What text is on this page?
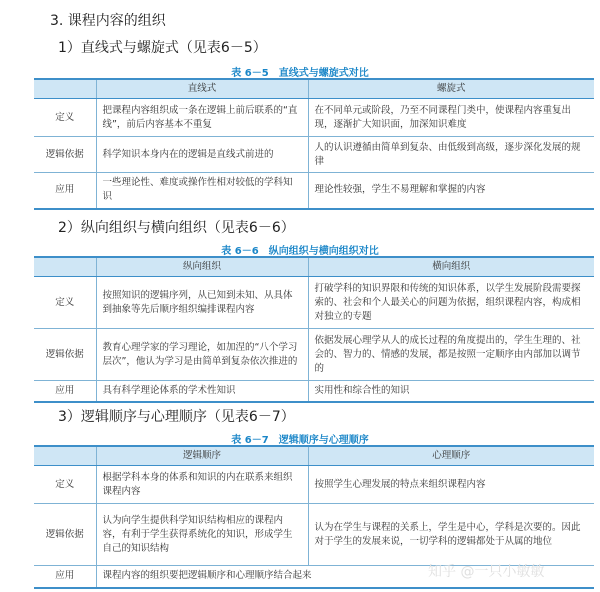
3. 课程内容的组织
1）直线式与螺旋式（见表6－5）
表 6－5　直线式与螺旋式对比
	直线式	螺旋式
定义	把课程内容组织成一条在逻辑上前后联系的“直线”，前后内容基本不重复	在不同单元或阶段，乃至不同课程门类中，使课程内容重复出现，逐渐扩大知识面，加深知识难度
逻辑依据	科学知识本身内在的逻辑是直线式前进的	人的认识遵循由简单到复杂、由低级到高级，逐步深化发展的规律
应用	一些理论性、难度或操作性相对较低的学科知识	理论性较强，学生不易理解和掌握的内容
2）纵向组织与横向组织（见表6－6）
表 6－6　纵向组织与横向组织对比
	纵向组织	横向组织
定义	按照知识的逻辑序列，从已知到未知、从具体到抽象等先后顺序组织编排课程内容	打破学科的知识界限和传统的知识体系，以学生发展阶段需要探索的、社会和个人最关心的问题为依据，组织课程内容，构成相对独立的专题
逻辑依据	教育心理学家的学习理论，如加涅的“八个学习层次”，他认为学习是由简单到复杂依次推进的	依据发展心理学从人的成长过程的角度提出的，学生生理的、社会的、智力的、情感的发展，都是按照一定顺序由内部加以调节的
应用	具有科学理论体系的学术性知识	实用性和综合性的知识
3）逻辑顺序与心理顺序（见表6－7）
表 6－7　逻辑顺序与心理顺序
	逻辑顺序	心理顺序
定义	根据学科本身的体系和知识的内在联系来组织课程内容	按照学生心理发展的特点来组织课程内容
逻辑依据	认为向学生提供科学知识结构相应的课程内容，有利于学生获得系统化的知识，形成学生自己的知识结构	认为在学生与课程的关系上，学生是中心，学科是次要的。因此对于学生的发展来说，一切学科的逻辑都处于从属的地位
应用	课程内容的组织要把逻辑顺序和心理顺序结合起来		知乎 @一只小敏敏
